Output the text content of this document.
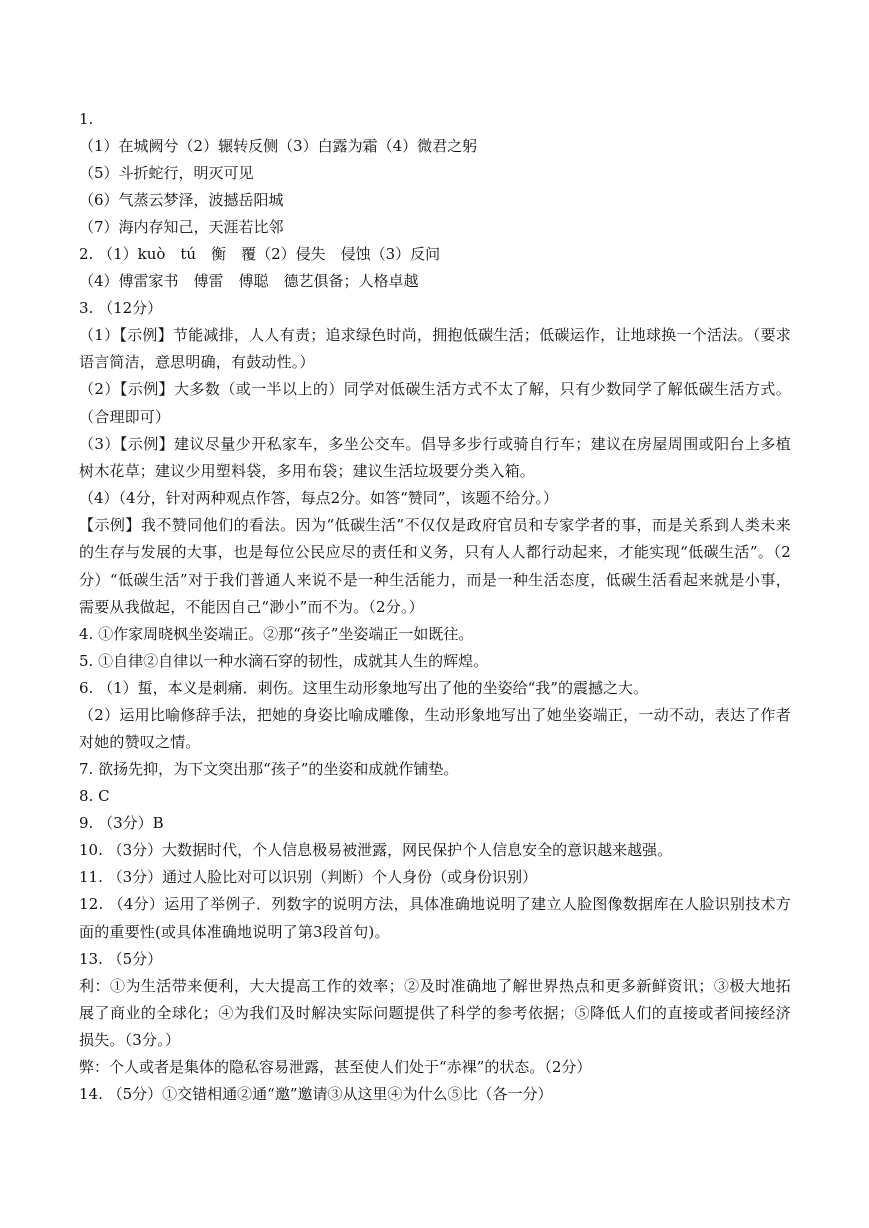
1.
（1）在城阙兮（2）辗转反侧（3）白露为霜（4）微君之躬
（5）斗折蛇行，明灭可见
（6）气蒸云梦泽，波撼岳阳城
（7）海内存知己，天涯若比邻
2. （1）kuò　tú　衡　覆（2）侵失　侵蚀（3）反问
（4）傅雷家书　傅雷　傅聪　德艺俱备；人格卓越
3. （12分）
（1）【示例】节能减排，人人有责；追求绿色时尚，拥抱低碳生活；低碳运作，让地球换一个活法。（要求语言简洁，意思明确，有鼓动性。）
（2）【示例】大多数（或一半以上的）同学对低碳生活方式不太了解，只有少数同学了解低碳生活方式。（合理即可）
（3）【示例】建议尽量少开私家车，多坐公交车。倡导多步行或骑自行车；建议在房屋周围或阳台上多植树木花草；建议少用塑料袋，多用布袋；建议生活垃圾要分类入箱。
（4）（4分，针对两种观点作答，每点2分。如答“赞同”，该题不给分。）
【示例】我不赞同他们的看法。因为“低碳生活”不仅仅是政府官员和专家学者的事，而是关系到人类未来的生存与发展的大事，也是每位公民应尽的责任和义务，只有人人都行动起来，才能实现“低碳生活”。（2分）“低碳生活”对于我们普通人来说不是一种生活能力，而是一种生活态度，低碳生活看起来就是小事，需要从我做起，不能因自己“渺小”而不为。（2分。）
4. ①作家周晓枫坐姿端正。②那“孩子”坐姿端正一如既往。
5. ①自律②自律以一种水滴石穿的韧性，成就其人生的辉煌。
6. （1）蜇，本义是刺痛．刺伤。这里生动形象地写出了他的坐姿给“我”的震撼之大。
（2）运用比喻修辞手法，把她的身姿比喻成雕像，生动形象地写出了她坐姿端正，一动不动，表达了作者对她的赞叹之情。
7. 欲扬先抑，为下文突出那“孩子”的坐姿和成就作铺垫。
8. C
9. （3分）B
10. （3分）大数据时代，个人信息极易被泄露，网民保护个人信息安全的意识越来越强。
11. （3分）通过人脸比对可以识别（判断）个人身份（或身份识别）
12. （4分）运用了举例子．列数字的说明方法，具体准确地说明了建立人脸图像数据库在人脸识别技术方面的重要性(或具体准确地说明了第3段首句)。
13. （5分）
利：①为生活带来便利，大大提高工作的效率；②及时准确地了解世界热点和更多新鲜资讯；③极大地拓展了商业的全球化；④为我们及时解决实际问题提供了科学的参考依据；⑤降低人们的直接或者间接经济损失。（3分。）
弊：个人或者是集体的隐私容易泄露，甚至使人们处于“赤裸”的状态。（2分）
14. （5分）①交错相通②通“邀”邀请③从这里④为什么⑤比（各一分）
